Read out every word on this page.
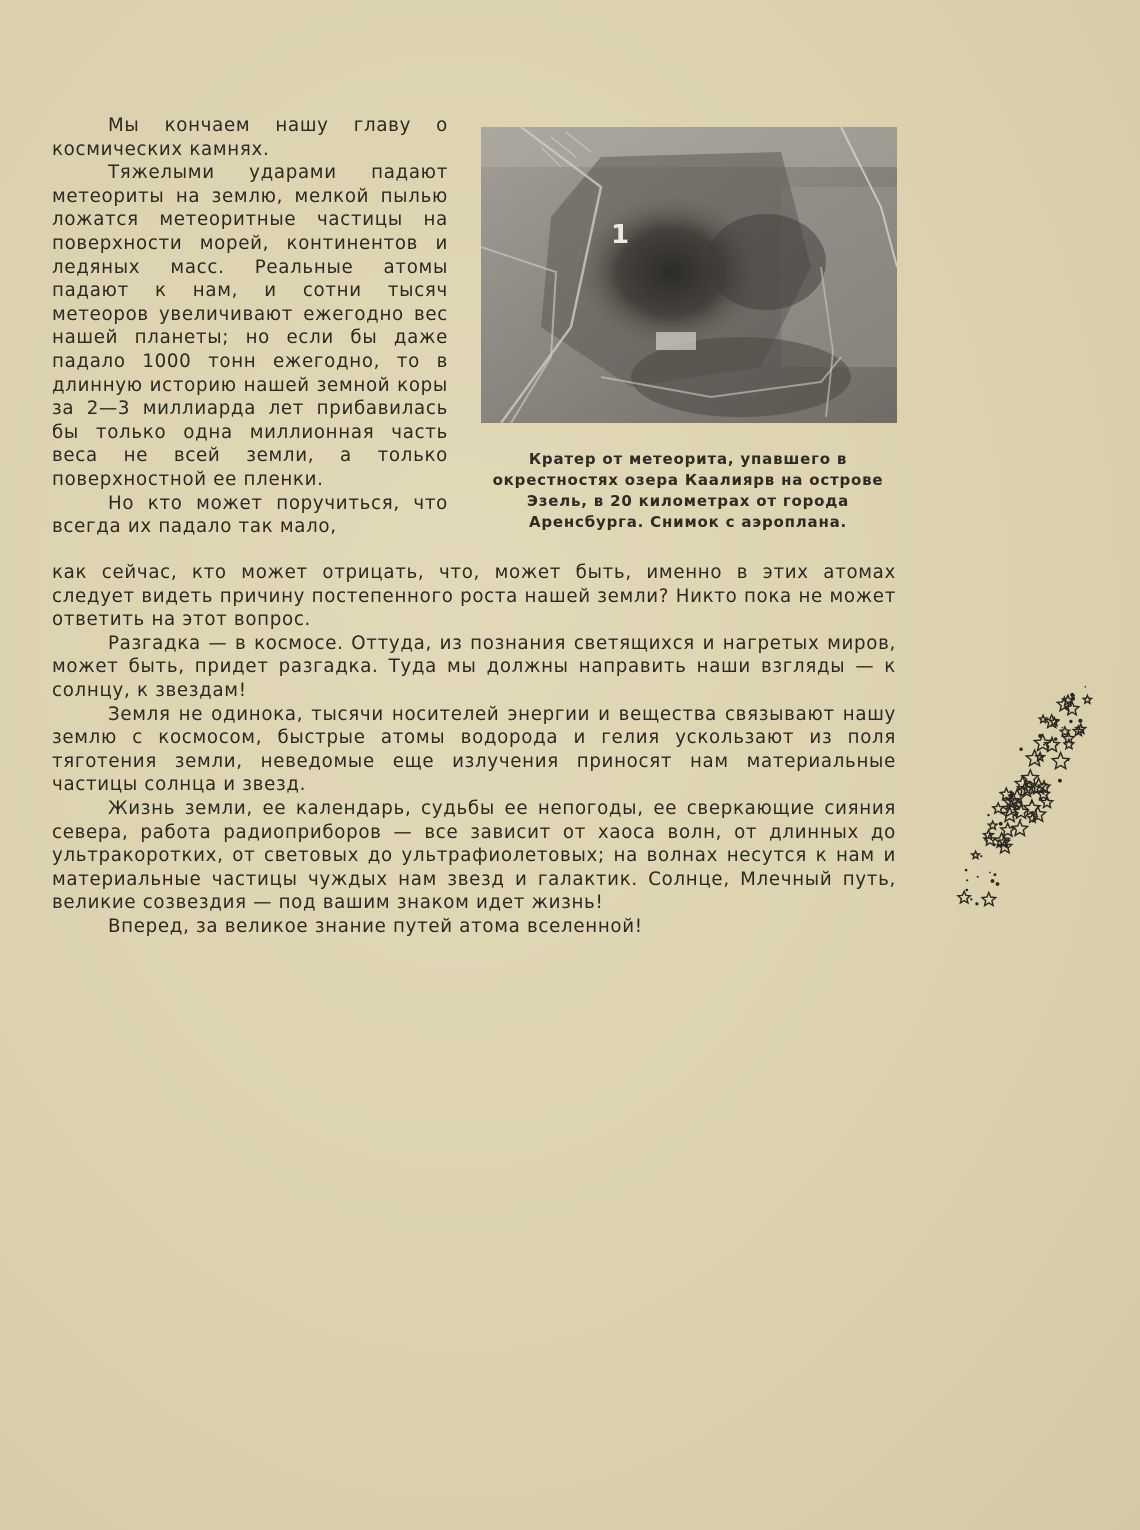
Мы кончаем нашу главу о космических камнях.

Тяжелыми ударами падают метеориты на землю, мелкой пылью ложатся метеоритные частицы на поверхности морей, континентов и ледяных масс. Реальные атомы падают к нам, и сотни тысяч метеоров увеличивают ежегодно вес нашей планеты; но если бы даже падало 1000 тонн ежегодно, то в длинную историю нашей земной коры за 2—3 миллиарда лет прибавилась бы только одна миллионная часть веса не всей земли, а только поверхностной ее пленки.

Но кто может поручиться, что всегда их падало так мало,

1
Кратер от метеорита, упавшего в окрестностях озера Каалиярв на острове Эзель, в 20 километрах от города Аренсбурга. Снимок с аэроплана.

как сейчас, кто может отрицать, что, может быть, именно в этих атомах следует видеть причину постепенного роста нашей земли? Никто пока не может ответить на этот вопрос.

Разгадка — в космосе. Оттуда, из познания светящихся и нагретых миров, может быть, придет разгадка. Туда мы должны направить наши взгляды — к солнцу, к звездам!

Земля не одинока, тысячи носителей энергии и вещества связывают нашу землю с космосом, быстрые атомы водорода и гелия ускользают из поля тяготения земли, неведомые еще излучения приносят нам материальные частицы солнца и звезд.

Жизнь земли, ее календарь, судьбы ее непогоды, ее сверкающие сияния севера, работа радиоприборов — все зависит от хаоса волн, от длинных до ультракоротких, от световых до ультрафиолетовых; на волнах несутся к нам и материальные частицы чуждых нам звезд и галактик. Солнце, Млечный путь, великие созвездия — под вашим знаком идет жизнь!

Вперед, за великое знание путей атома вселенной!
